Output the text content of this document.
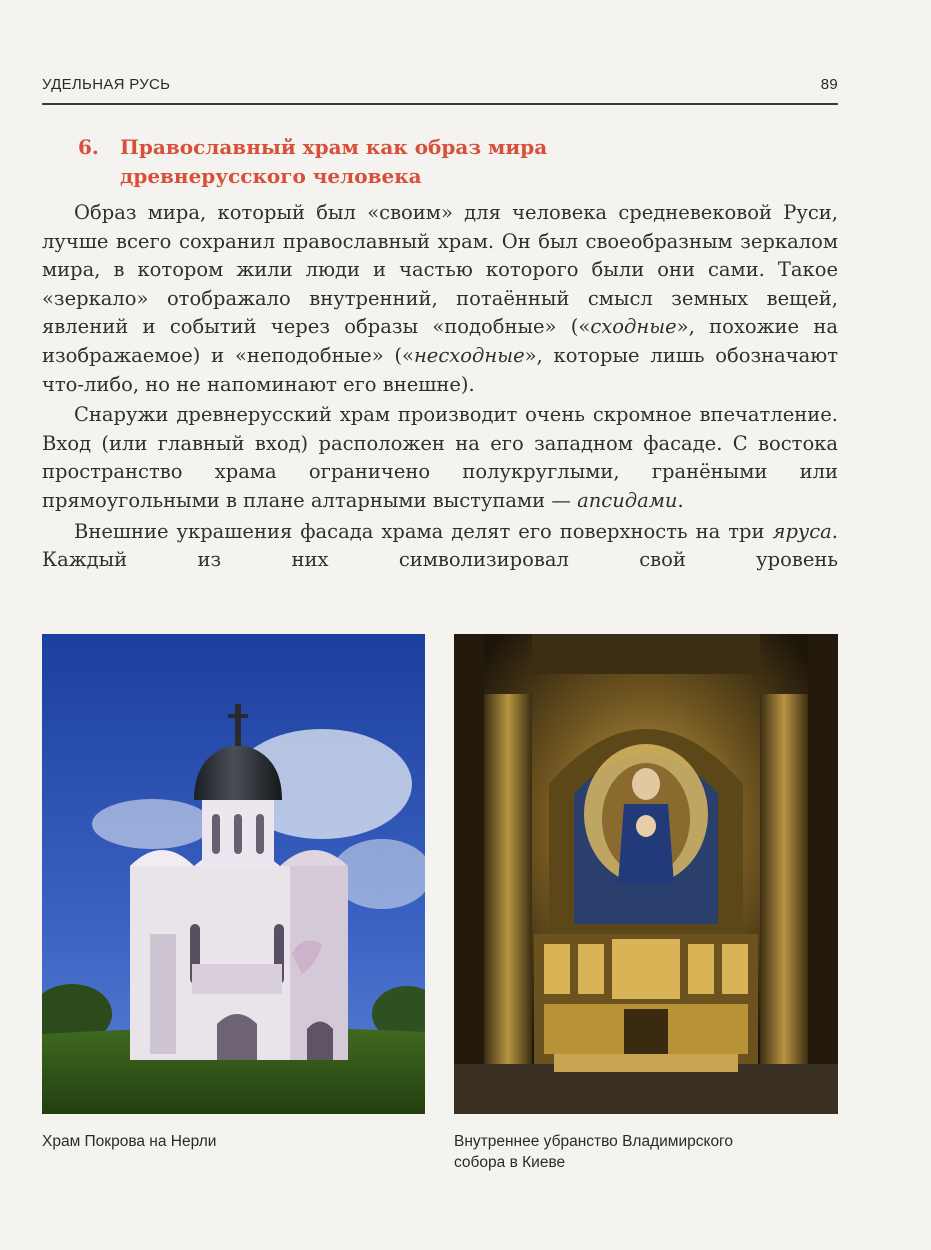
УДЕЛЬНАЯ РУСЬ	89
6. Православный храм как образ мира
древнерусского человека

Образ мира, который был «своим» для человека средневековой Руси, лучше всего сохранил православный храм. Он был своеобразным зеркалом мира, в котором жили люди и частью которого были они сами. Такое «зеркало» отображало внутренний, потаённый смысл земных вещей, явлений и событий через образы «подобные» («сходные», похожие на изображаемое) и «неподобные» («несходные», которые лишь обозначают что-либо, но не напоминают его внешне).

Снаружи древнерусский храм производит очень скромное впечатление. Вход (или главный вход) расположен на его западном фасаде. С востока пространство храма ограничено полукруглыми, гранёными или прямоугольными в плане алтарными выступами — апсидами.

Внешние украшения фасада храма делят его поверхность на три яруса. Каждый из них символизировал свой уровень

Храм Покрова на Нерли	Внутреннее убранство Владимирского
собора в Киеве
